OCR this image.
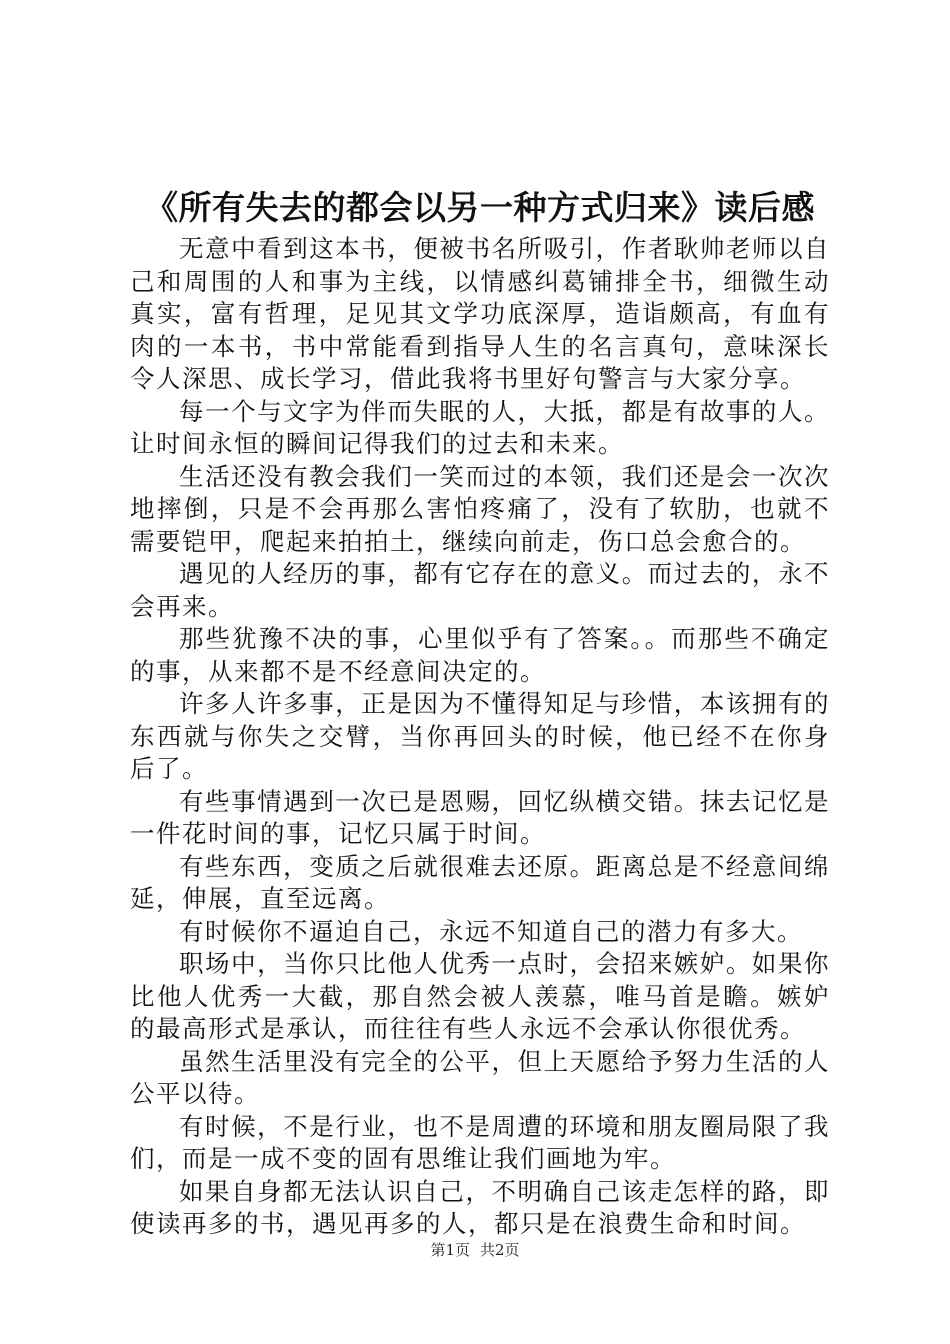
《所有失去的都会以另一种方式归来》读后感

无意中看到这本书，便被书名所吸引，作者耿帅老师以自己和周围的人和事为主线，以情感纠葛铺排全书，细微生动真实，富有哲理，足见其文学功底深厚，造诣颇高，有血有肉的一本书，书中常能看到指导人生的名言真句，意味深长令人深思、成长学习，借此我将书里好句警言与大家分享。

每一个与文字为伴而失眠的人，大抵，都是有故事的人。让时间永恒的瞬间记得我们的过去和未来。

生活还没有教会我们一笑而过的本领，我们还是会一次次地摔倒，只是不会再那么害怕疼痛了，没有了软肋，也就不需要铠甲，爬起来拍拍土，继续向前走，伤口总会愈合的。

遇见的人经历的事，都有它存在的意义。而过去的，永不会再来。

那些犹豫不决的事，心里似乎有了答案。。而那些不确定的事，从来都不是不经意间决定的。

许多人许多事，正是因为不懂得知足与珍惜，本该拥有的东西就与你失之交臂，当你再回头的时候，他已经不在你身后了。

有些事情遇到一次已是恩赐，回忆纵横交错。抹去记忆是一件花时间的事，记忆只属于时间。

有些东西，变质之后就很难去还原。距离总是不经意间绵延，伸展，直至远离。

有时候你不逼迫自己，永远不知道自己的潜力有多大。

职场中，当你只比他人优秀一点时，会招来嫉妒。如果你比他人优秀一大截，那自然会被人羡慕，唯马首是瞻。嫉妒的最高形式是承认，而往往有些人永远不会承认你很优秀。

虽然生活里没有完全的公平，但上天愿给予努力生活的人公平以待。

有时候，不是行业，也不是周遭的环境和朋友圈局限了我们，而是一成不变的固有思维让我们画地为牢。

如果自身都无法认识自己，不明确自己该走怎样的路，即使读再多的书，遇见再多的人，都只是在浪费生命和时间。

第1页 共2页
